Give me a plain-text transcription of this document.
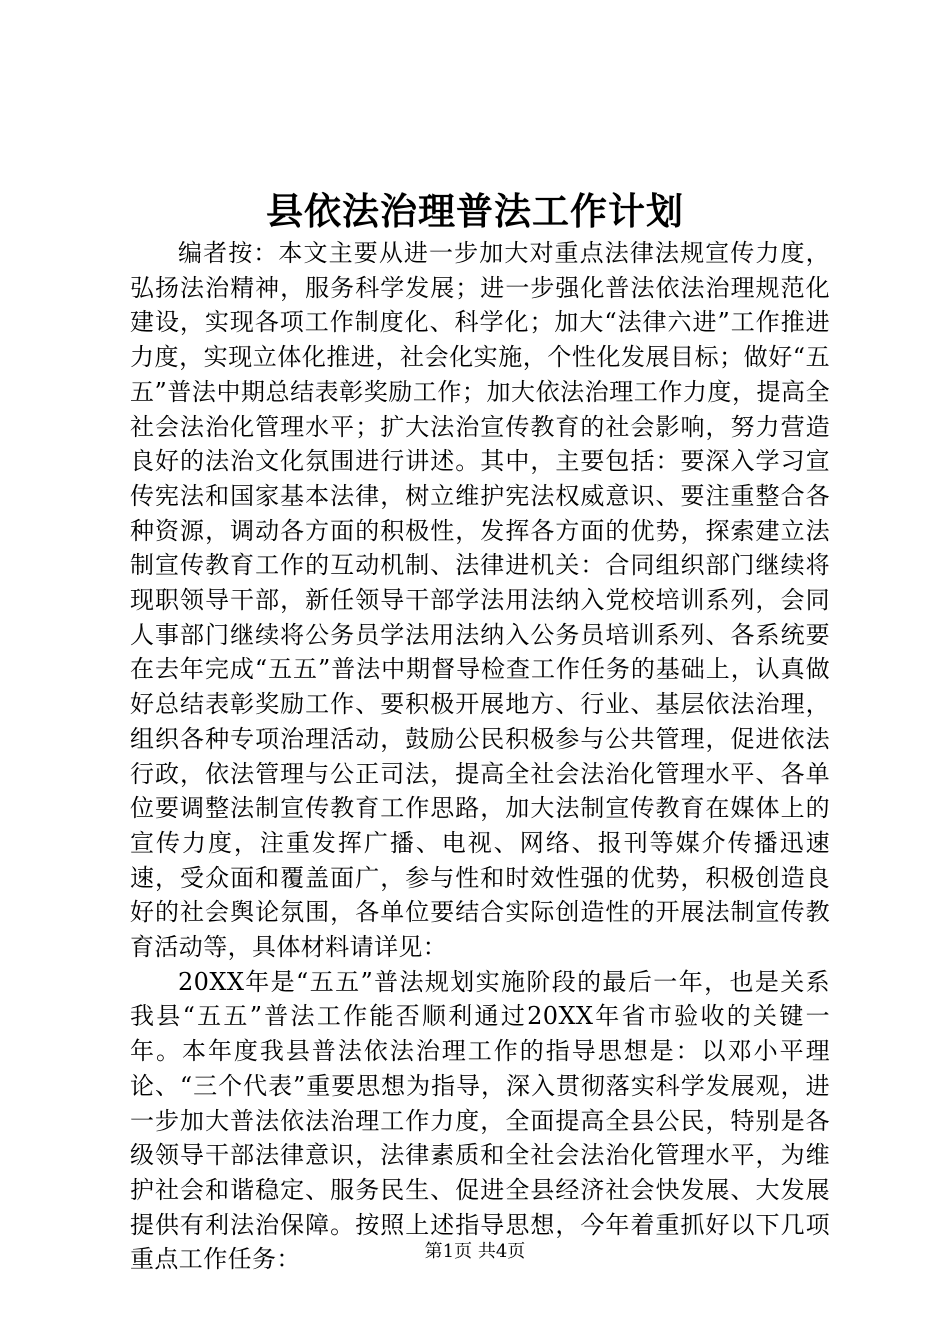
县依法治理普法工作计划

编者按：本文主要从进一步加大对重点法律法规宣传力度，弘扬法治精神，服务科学发展；进一步强化普法依法治理规范化建设，实现各项工作制度化、科学化；加大“法律六进”工作推进力度，实现立体化推进，社会化实施，个性化发展目标；做好“五五”普法中期总结表彰奖励工作；加大依法治理工作力度，提高全社会法治化管理水平；扩大法治宣传教育的社会影响，努力营造良好的法治文化氛围进行讲述。其中，主要包括：要深入学习宣传宪法和国家基本法律，树立维护宪法权威意识、要注重整合各种资源，调动各方面的积极性，发挥各方面的优势，探索建立法制宣传教育工作的互动机制、法律进机关：合同组织部门继续将现职领导干部，新任领导干部学法用法纳入党校培训系列，会同人事部门继续将公务员学法用法纳入公务员培训系列、各系统要在去年完成“五五”普法中期督导检查工作任务的基础上，认真做好总结表彰奖励工作、要积极开展地方、行业、基层依法治理，组织各种专项治理活动，鼓励公民积极参与公共管理，促进依法行政，依法管理与公正司法，提高全社会法治化管理水平、各单位要调整法制宣传教育工作思路，加大法制宣传教育在媒体上的宣传力度，注重发挥广播、电视、网络、报刊等媒介传播迅速速，受众面和覆盖面广，参与性和时效性强的优势，积极创造良好的社会舆论氛围，各单位要结合实际创造性的开展法制宣传教育活动等，具体材料请详见：

20XX年是“五五”普法规划实施阶段的最后一年，也是关系我县“五五”普法工作能否顺利通过20XX年省市验收的关键一年。本年度我县普法依法治理工作的指导思想是：以邓小平理论、“三个代表”重要思想为指导，深入贯彻落实科学发展观，进一步加大普法依法治理工作力度，全面提高全县公民，特别是各级领导干部法律意识，法律素质和全社会法治化管理水平，为维护社会和谐稳定、服务民生、促进全县经济社会快发展、大发展提供有利法治保障。按照上述指导思想，今年着重抓好以下几项重点工作任务：	第1页 共4页
